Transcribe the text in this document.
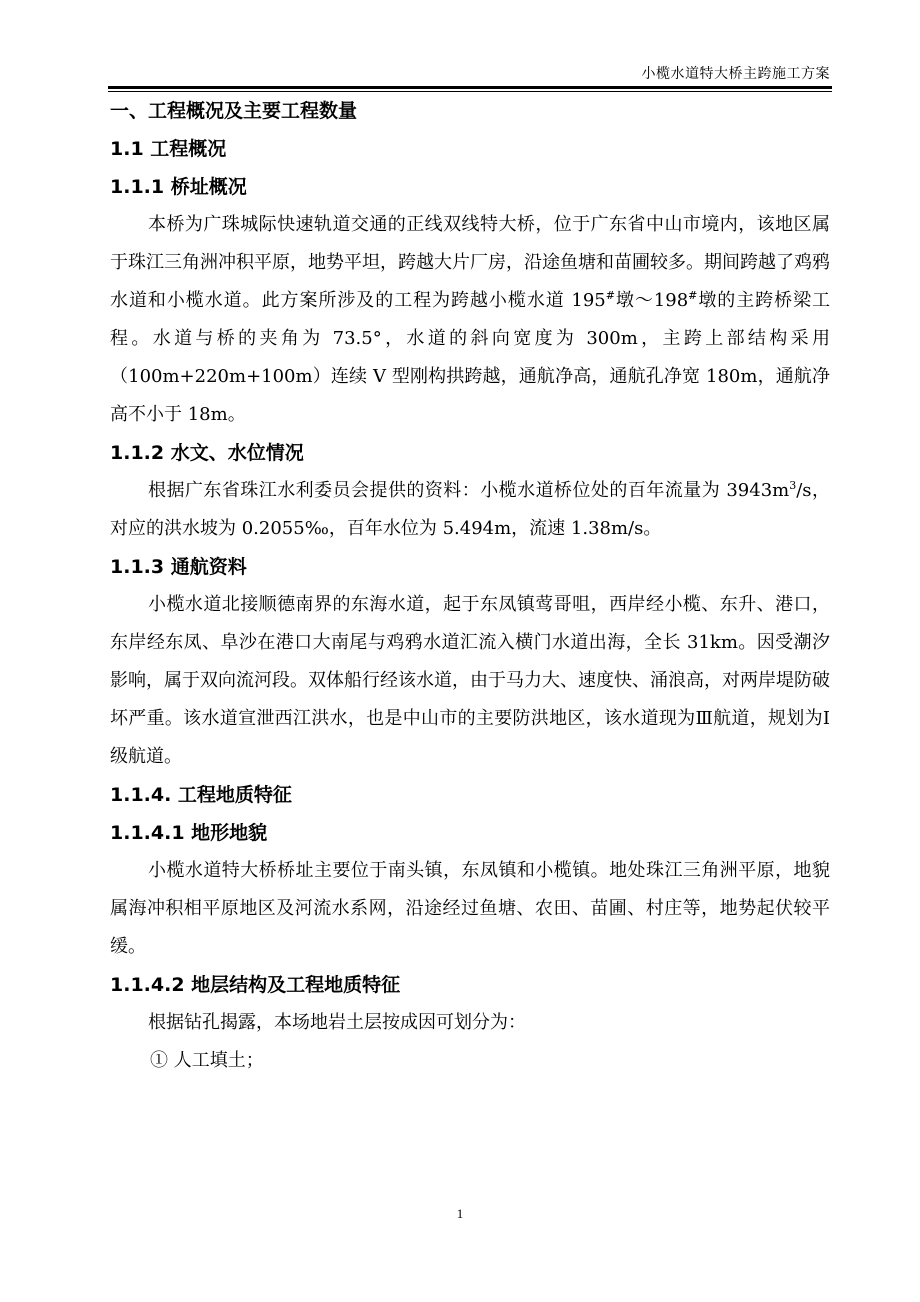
小榄水道特大桥主跨施工方案
一、工程概况及主要工程数量
1.1 工程概况
1.1.1 桥址概况

本桥为广珠城际快速轨道交通的正线双线特大桥，位于广东省中山市境内，该地区属于珠江三角洲冲积平原，地势平坦，跨越大片厂房，沿途鱼塘和苗圃较多。期间跨越了鸡鸦水道和小榄水道。此方案所涉及的工程为跨越小榄水道 195#墩～198#墩的主跨桥梁工程。水道与桥的夹角为 73.5°，水道的斜向宽度为 300m，主跨上部结构采用（100m+220m+100m）连续 V 型刚构拱跨越，通航净高，通航孔净宽 180m，通航净高不小于 18m。

1.1.2 水文、水位情况

根据广东省珠江水利委员会提供的资料：小榄水道桥位处的百年流量为 $3943m^3/s$，对应的洪水坡为 0.2055‰，百年水位为 5.494m，流速 1.38m/s。

1.1.3 通航资料

小榄水道北接顺德南界的东海水道，起于东凤镇莺哥咀，西岸经小榄、东升、港口，东岸经东凤、阜沙在港口大南尾与鸡鸦水道汇流入横门水道出海，全长 31km。因受潮汐影响，属于双向流河段。双体船行经该水道，由于马力大、速度快、涌浪高，对两岸堤防破坏严重。该水道宣泄西江洪水，也是中山市的主要防洪地区，该水道现为Ⅲ航道，规划为Ⅰ级航道。

1.1.4. 工程地质特征
1.1.4.1 地形地貌

小榄水道特大桥桥址主要位于南头镇，东凤镇和小榄镇。地处珠江三角洲平原，地貌属海冲积相平原地区及河流水系网，沿途经过鱼塘、农田、苗圃、村庄等，地势起伏较平缓。

1.1.4.2 地层结构及工程地质特征

根据钻孔揭露，本场地岩土层按成因可划分为：

① 人工填土；
1
